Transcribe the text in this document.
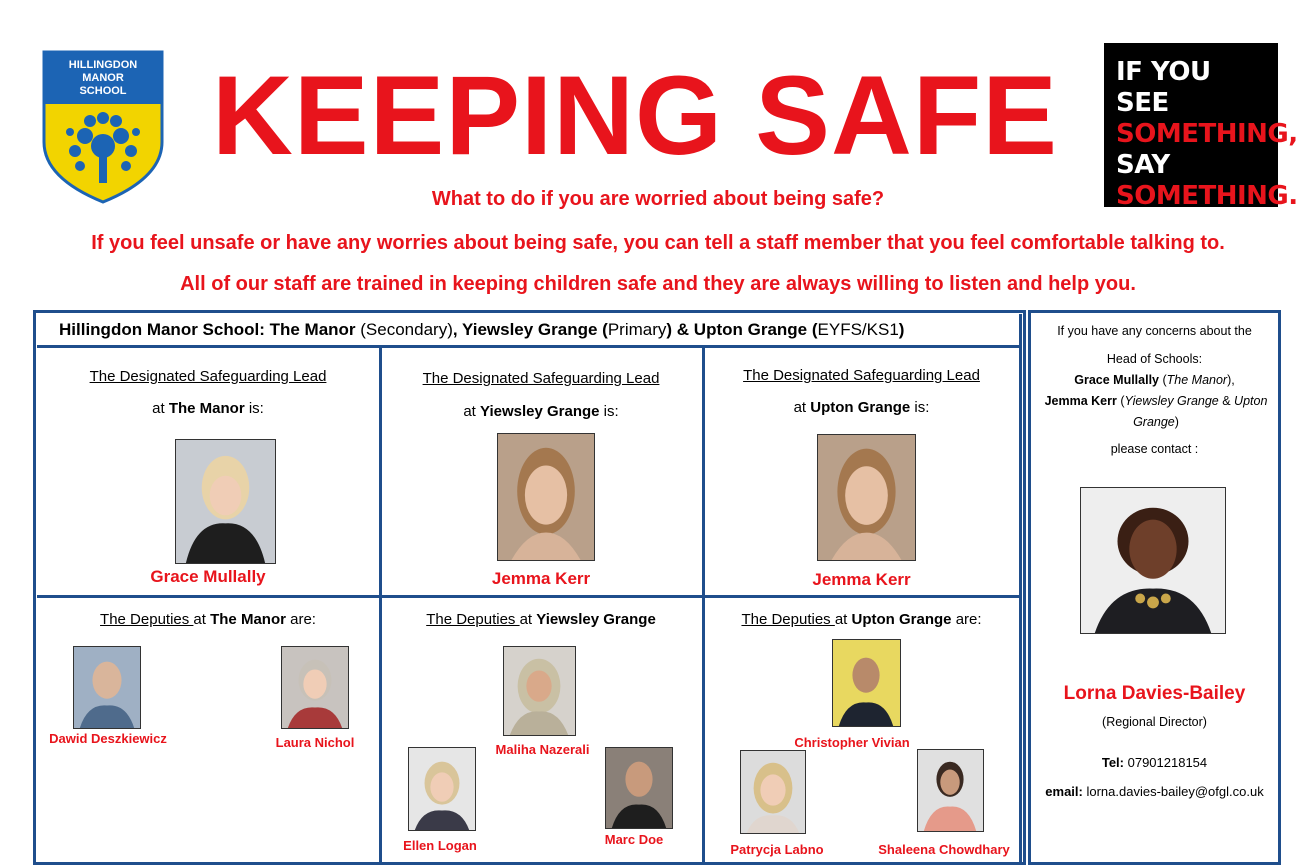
HILLINGDON
MANOR
SCHOOL KEEPING SAFE	IF YOU SEE
SOMETHING,
SAY
SOMETHING.
What to do if you are worried about being safe?
If you feel unsafe or have any worries about being safe, you can tell a staff member that you feel comfortable talking to.
All of our staff are trained in keeping children safe and they are always willing to listen and help you.
Hillingdon Manor School: The Manor (Secondary), Yiewsley Grange (Primary) & Upton Grange (EYFS/KS1)
The Designated Safeguarding Lead
at The Manor is:
Grace Mullally
The Designated Safeguarding Lead
at Yiewsley Grange is:
Jemma Kerr
The Designated Safeguarding Lead
at Upton Grange is:
Jemma Kerr
The Deputies at The Manor are:
Dawid Deszkiewicz	Laura Nichol
The Deputies at Yiewsley Grange
Maliha Nazerali
Ellen Logan	Marc Doe
The Deputies at Upton Grange are:
Christopher Vivian
Patrycja Labno	Shaleena Chowdhary
If you have any concerns about the
Head of Schools:
Grace Mullally (The Manor),
Jemma Kerr (Yiewsley Grange & Upton Grange)
please contact :
Lorna Davies-Bailey
(Regional Director)
Tel: 07901218154
email: lorna.davies-bailey@ofgl.co.uk
